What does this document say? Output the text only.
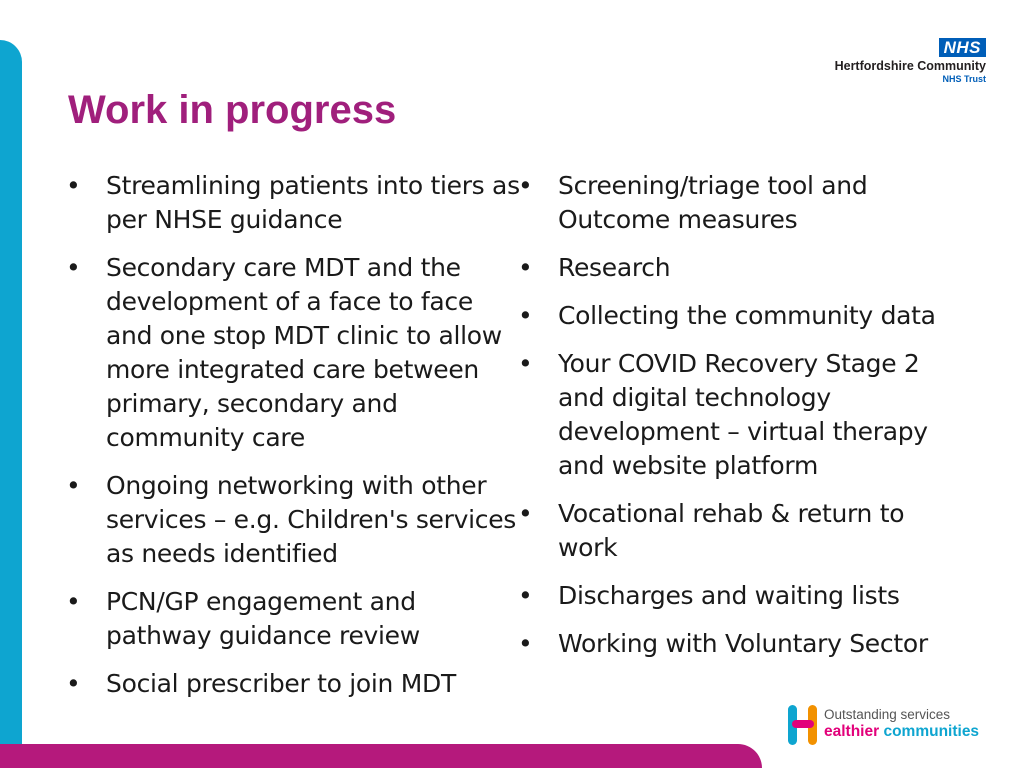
NHS
Hertfordshire Community
NHS Trust
Work in progress
• Streamlining patients into tiers as per NHSE guidance
• Secondary care MDT and the development of a face to face and one stop MDT clinic to allow more integrated care between primary, secondary and community care
• Ongoing networking with other services – e.g. Children's services as needs identified
• PCN/GP engagement and pathway guidance review
• Social prescriber to join MDT
• Screening/triage tool and Outcome measures
• Research
• Collecting the community data
• Your COVID Recovery Stage 2 and digital technology development – virtual therapy and website platform
• Vocational rehab & return to work
• Discharges and waiting lists
• Working with Voluntary Sector
Outstanding services
ealthier communities
